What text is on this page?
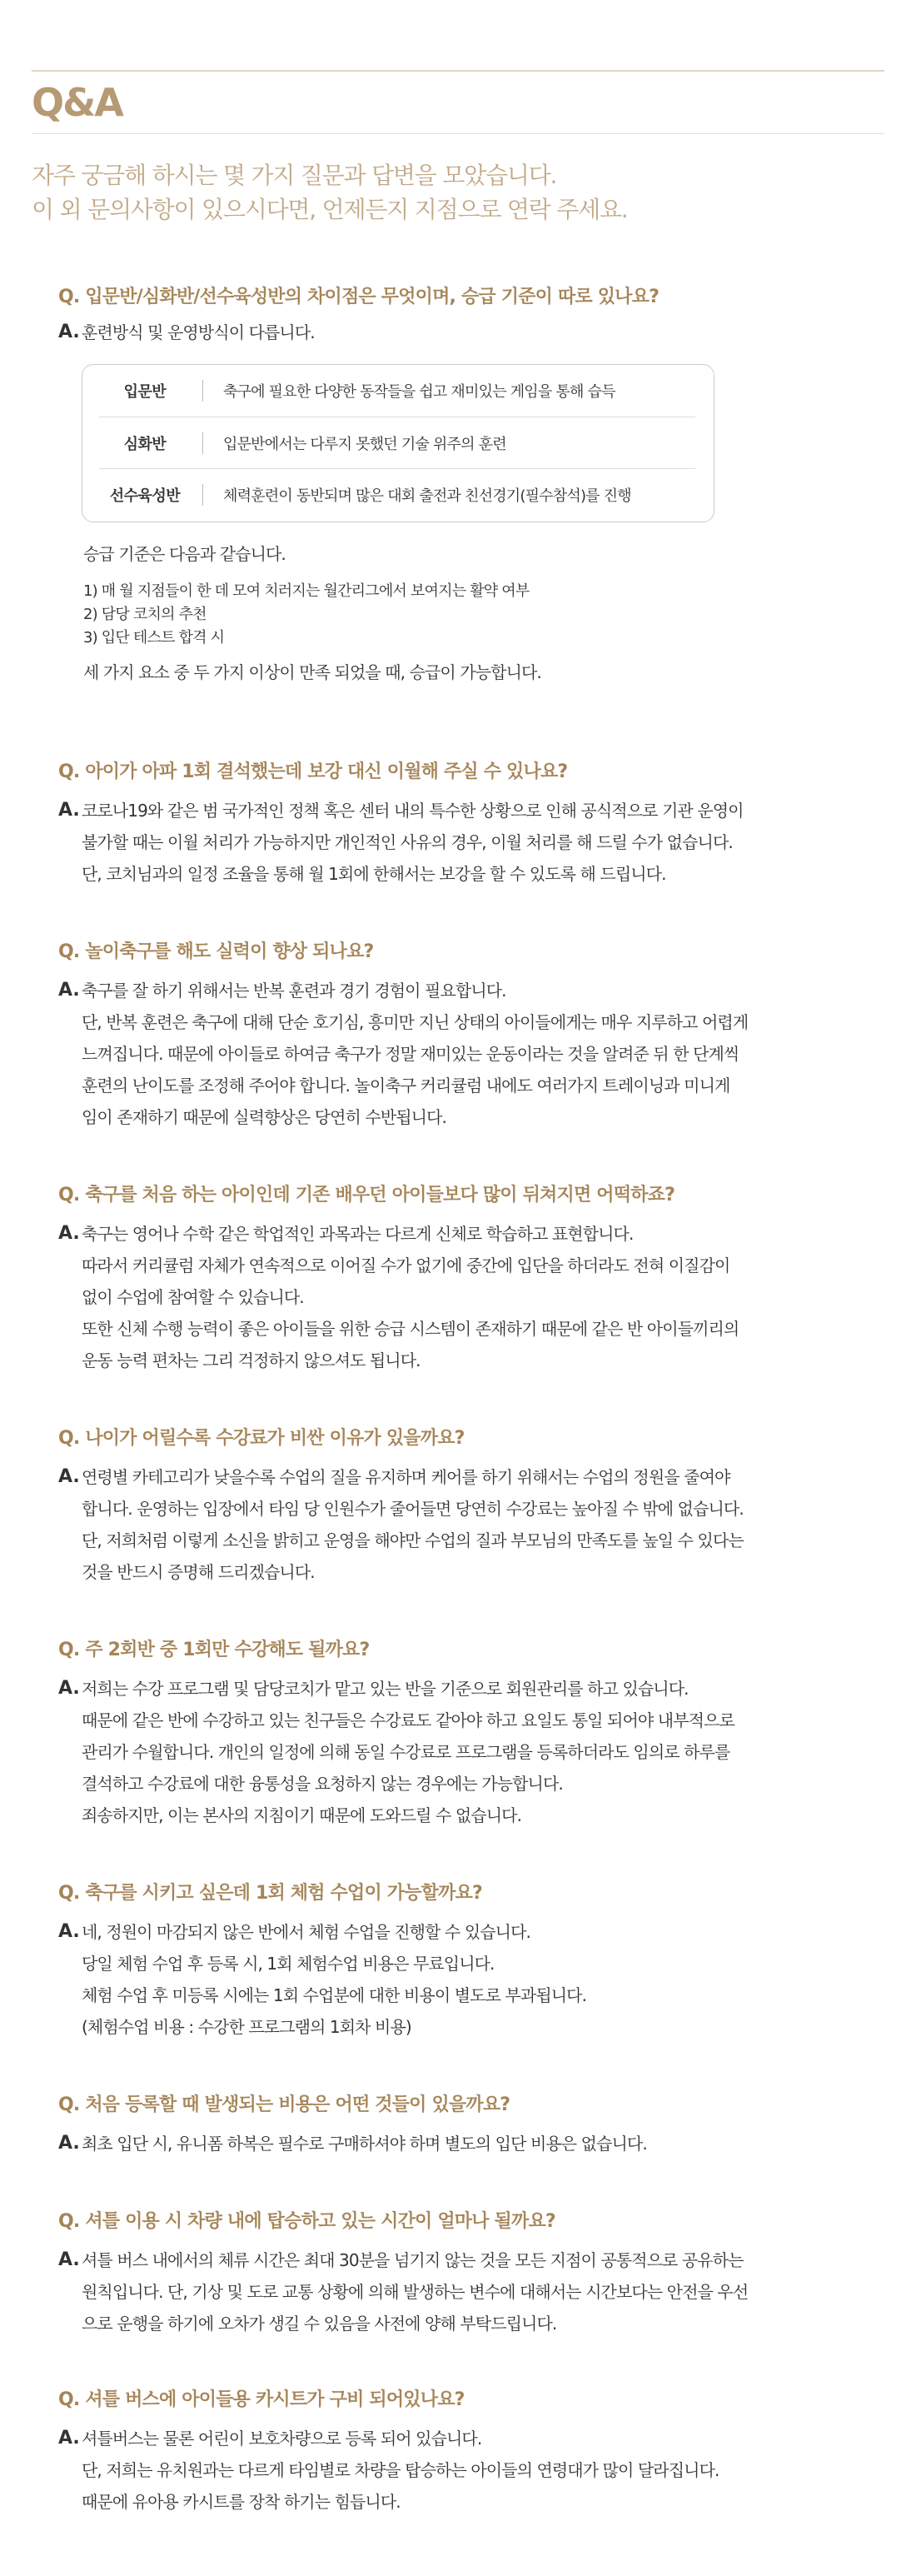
Q&A

자주 궁금해 하시는 몇 가지 질문과 답변을 모았습니다.

이 외 문의사항이 있으시다면, 언제든지 지점으로 연락 주세요.

Q. 입문반/심화반/선수육성반의 차이점은 무엇이며, 승급 기준이 따로 있나요?

A. 훈련방식 및 운영방식이 다릅니다.
입문반	축구에 필요한 다양한 동작들을 쉽고 재미있는 게임을 통해 습득
심화반	입문반에서는 다루지 못했던 기술 위주의 훈련
선수육성반	체력훈련이 동반되며 많은 대회 출전과 친선경기(필수참석)를 진행
승급 기준은 다음과 같습니다.
1) 매 월 지점들이 한 데 모여 치러지는 월간리그에서 보여지는 활약 여부
2) 담당 코치의 추천
3) 입단 테스트 합격 시
세 가지 요소 중 두 가지 이상이 만족 되었을 때, 승급이 가능합니다.

Q. 아이가 아파 1회 결석했는데 보강 대신 이월해 주실 수 있나요?

A. 코로나19와 같은 범 국가적인 정책 혹은 센터 내의 특수한 상황으로 인해 공식적으로 기관 운영이
불가할 때는 이월 처리가 가능하지만 개인적인 사유의 경우, 이월 처리를 해 드릴 수가 없습니다.
단, 코치님과의 일정 조율을 통해 월 1회에 한해서는 보강을 할 수 있도록 해 드립니다.

Q. 놀이축구를 해도 실력이 향상 되나요?

A. 축구를 잘 하기 위해서는 반복 훈련과 경기 경험이 필요합니다.
단, 반복 훈련은 축구에 대해 단순 호기심, 흥미만 지닌 상태의 아이들에게는 매우 지루하고 어렵게
느껴집니다. 때문에 아이들로 하여금 축구가 정말 재미있는 운동이라는 것을 알려준 뒤 한 단계씩
훈련의 난이도를 조정해 주어야 합니다. 놀이축구 커리큘럼 내에도 여러가지 트레이닝과 미니게
임이 존재하기 때문에 실력향상은 당연히 수반됩니다.

Q. 축구를 처음 하는 아이인데 기존 배우던 아이들보다 많이 뒤쳐지면 어떡하죠?

A. 축구는 영어나 수학 같은 학업적인 과목과는 다르게 신체로 학습하고 표현합니다.
따라서 커리큘럼 자체가 연속적으로 이어질 수가 없기에 중간에 입단을 하더라도 전혀 이질감이
없이 수업에 참여할 수 있습니다.
또한 신체 수행 능력이 좋은 아이들을 위한 승급 시스템이 존재하기 때문에 같은 반 아이들끼리의
운동 능력 편차는 그리 걱정하지 않으셔도 됩니다.

Q. 나이가 어릴수록 수강료가 비싼 이유가 있을까요?

A. 연령별 카테고리가 낮을수록 수업의 질을 유지하며 케어를 하기 위해서는 수업의 정원을 줄여야
합니다. 운영하는 입장에서 타임 당 인원수가 줄어들면 당연히 수강료는 높아질 수 밖에 없습니다.
단, 저희처럼 이렇게 소신을 밝히고 운영을 해야만 수업의 질과 부모님의 만족도를 높일 수 있다는
것을 반드시 증명해 드리겠습니다.

Q. 주 2회반 중 1회만 수강해도 될까요?

A. 저희는 수강 프로그램 및 담당코치가 맡고 있는 반을 기준으로 회원관리를 하고 있습니다.
때문에 같은 반에 수강하고 있는 친구들은 수강료도 같아야 하고 요일도 통일 되어야 내부적으로
관리가 수월합니다. 개인의 일정에 의해 동일 수강료로 프로그램을 등록하더라도 임의로 하루를
결석하고 수강료에 대한 융통성을 요청하지 않는 경우에는 가능합니다.
죄송하지만, 이는 본사의 지침이기 때문에 도와드릴 수 없습니다.

Q. 축구를 시키고 싶은데 1회 체험 수업이 가능할까요?

A. 네, 정원이 마감되지 않은 반에서 체험 수업을 진행할 수 있습니다.
당일 체험 수업 후 등록 시, 1회 체험수업 비용은 무료입니다.
체험 수업 후 미등록 시에는 1회 수업분에 대한 비용이 별도로 부과됩니다.
(체험수업 비용 : 수강한 프로그램의 1회차 비용)

Q. 처음 등록할 때 발생되는 비용은 어떤 것들이 있을까요?

A. 최초 입단 시, 유니폼 하복은 필수로 구매하셔야 하며 별도의 입단 비용은 없습니다.

Q. 셔틀 이용 시 차량 내에 탑승하고 있는 시간이 얼마나 될까요?

A. 셔틀 버스 내에서의 체류 시간은 최대 30분을 넘기지 않는 것을 모든 지점이 공통적으로 공유하는
원칙입니다. 단, 기상 및 도로 교통 상황에 의해 발생하는 변수에 대해서는 시간보다는 안전을 우선
으로 운행을 하기에 오차가 생길 수 있음을 사전에 양해 부탁드립니다.

Q. 셔틀 버스에 아이들용 카시트가 구비 되어있나요?

A. 셔틀버스는 물론 어린이 보호차량으로 등록 되어 있습니다.
단, 저희는 유치원과는 다르게 타임별로 차량을 탑승하는 아이들의 연령대가 많이 달라집니다.
때문에 유아용 카시트를 장착 하기는 힘듭니다.
